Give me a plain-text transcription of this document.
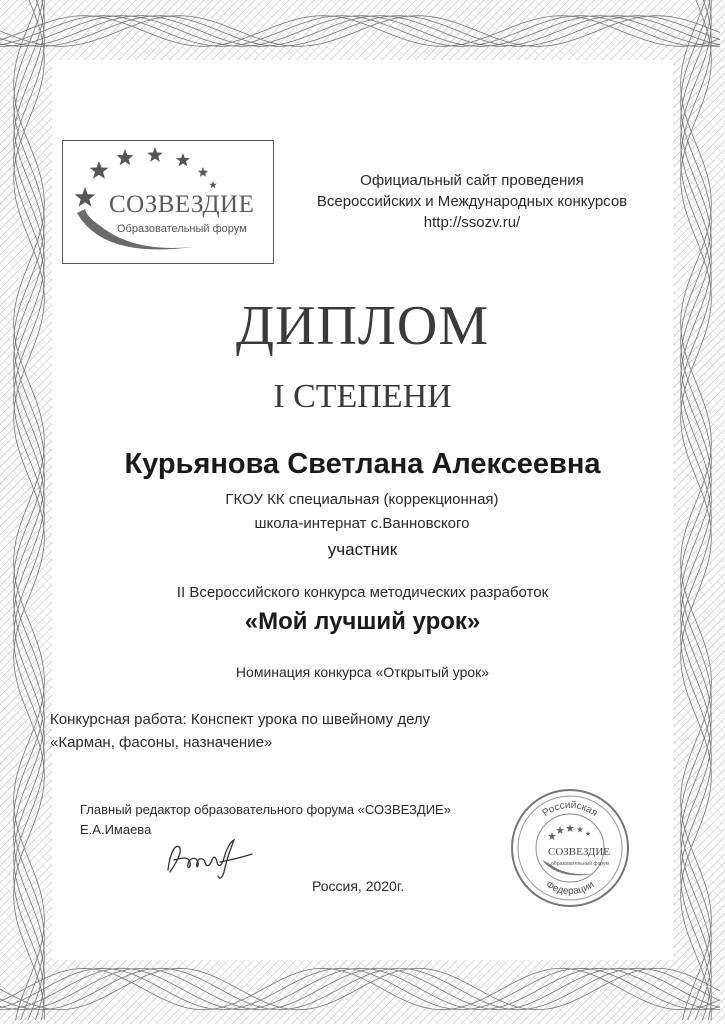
СОЗВЕЗДИЕ
Образовательный форум
Официальный сайт проведения
Всероссийских и Международных конкурсов
http://ssozv.ru/
ДИПЛОМ
I СТЕПЕНИ
Курьянова Светлана Алексеевна
ГКОУ КК специальная (коррекционная)
школа-интернат с.Ванновского
участник
II Всероссийского конкурса методических разработок
«Мой лучший урок»
Номинация конкурса «Открытый урок»
Конкурсная работа: Конспект урока по швейному делу
«Карман, фасоны, назначение»
Главный редактор образовательного форума «СОЗВЕЗДИЕ»
Е.А.Имаева
Россия, 2020г.
Российская
Федерации
СОЗВЕЗДИЕ
образовательный форум
